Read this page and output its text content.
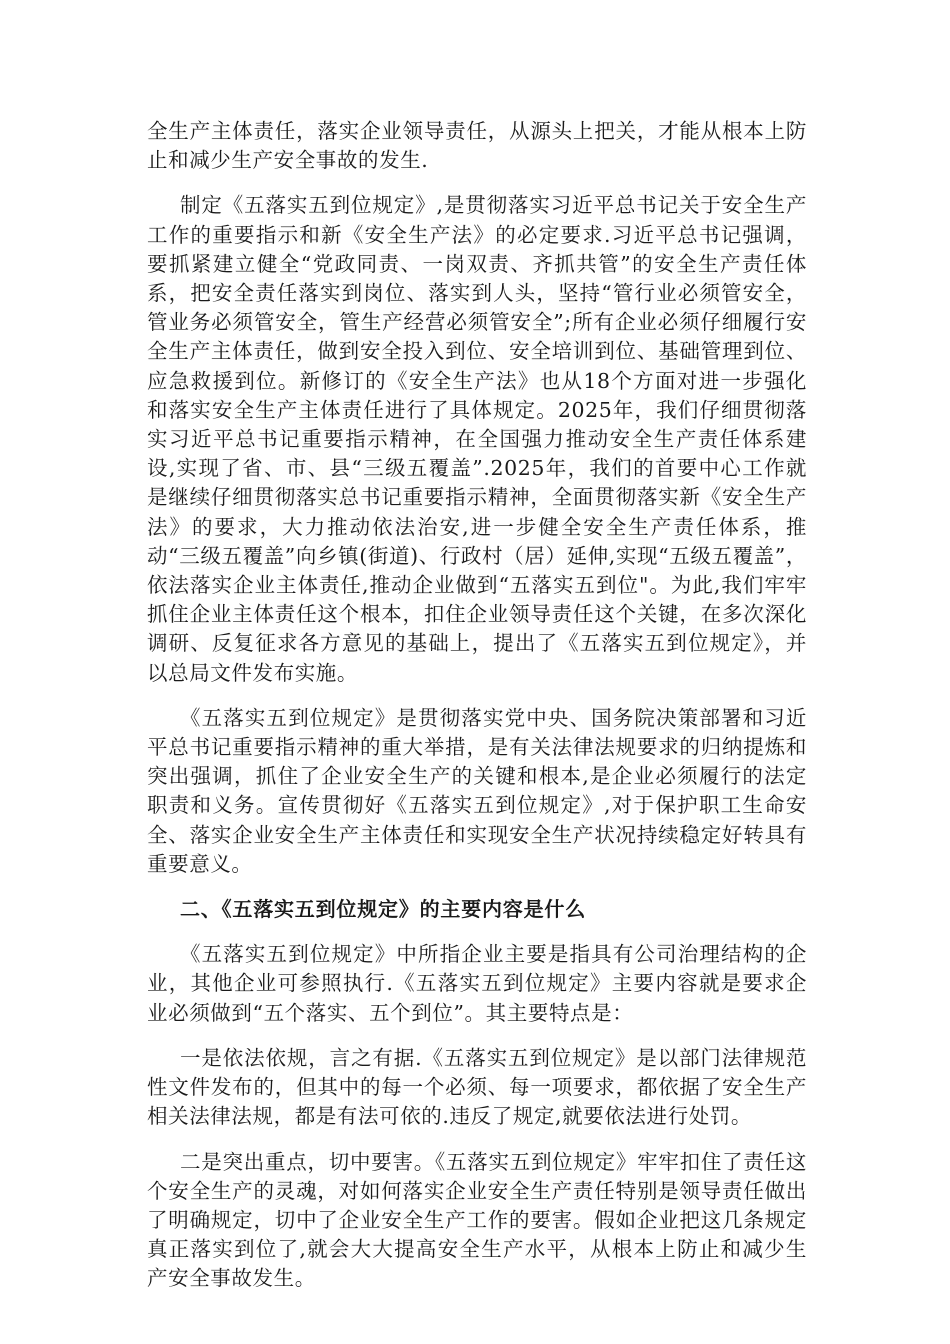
全生产主体责任，落实企业领导责任，从源头上把关，才能从根本上防止和减少生产安全事故的发生.

制定《五落实五到位规定》,是贯彻落实习近平总书记关于安全生产工作的重要指示和新《安全生产法》的必定要求.习近平总书记强调，要抓紧建立健全“党政同责、一岗双责、齐抓共管”的安全生产责任体系，把安全责任落实到岗位、落实到人头，坚持“管行业必须管安全，管业务必须管安全，管生产经营必须管安全”;所有企业必须仔细履行安全生产主体责任，做到安全投入到位、安全培训到位、基础管理到位、应急救援到位。新修订的《安全生产法》也从18个方面对进一步强化和落实安全生产主体责任进行了具体规定。2025年，我们仔细贯彻落实习近平总书记重要指示精神，在全国强力推动安全生产责任体系建设,实现了省、市、县“三级五覆盖”.2025年，我们的首要中心工作就是继续仔细贯彻落实总书记重要指示精神，全面贯彻落实新《安全生产法》的要求，大力推动依法治安,进一步健全安全生产责任体系，推动“三级五覆盖”向乡镇(街道)、行政村（居）延伸,实现“五级五覆盖”，依法落实企业主体责任,推动企业做到“五落实五到位"。为此,我们牢牢抓住企业主体责任这个根本，扣住企业领导责任这个关键，在多次深化调研、反复征求各方意见的基础上，提出了《五落实五到位规定》，并以总局文件发布实施。

《五落实五到位规定》是贯彻落实党中央、国务院决策部署和习近平总书记重要指示精神的重大举措，是有关法律法规要求的归纳提炼和突出强调，抓住了企业安全生产的关键和根本,是企业必须履行的法定职责和义务。宣传贯彻好《五落实五到位规定》,对于保护职工生命安全、落实企业安全生产主体责任和实现安全生产状况持续稳定好转具有重要意义。

二、《五落实五到位规定》的主要内容是什么

《五落实五到位规定》中所指企业主要是指具有公司治理结构的企业，其他企业可参照执行.《五落实五到位规定》主要内容就是要求企业必须做到“五个落实、五个到位”。其主要特点是：

一是依法依规，言之有据.《五落实五到位规定》是以部门法律规范性文件发布的，但其中的每一个必须、每一项要求，都依据了安全生产相关法律法规，都是有法可依的.违反了规定,就要依法进行处罚。

二是突出重点，切中要害。《五落实五到位规定》牢牢扣住了责任这个安全生产的灵魂，对如何落实企业安全生产责任特别是领导责任做出了明确规定，切中了企业安全生产工作的要害。假如企业把这几条规定真正落实到位了,就会大大提高安全生产水平，从根本上防止和减少生产安全事故发生。
